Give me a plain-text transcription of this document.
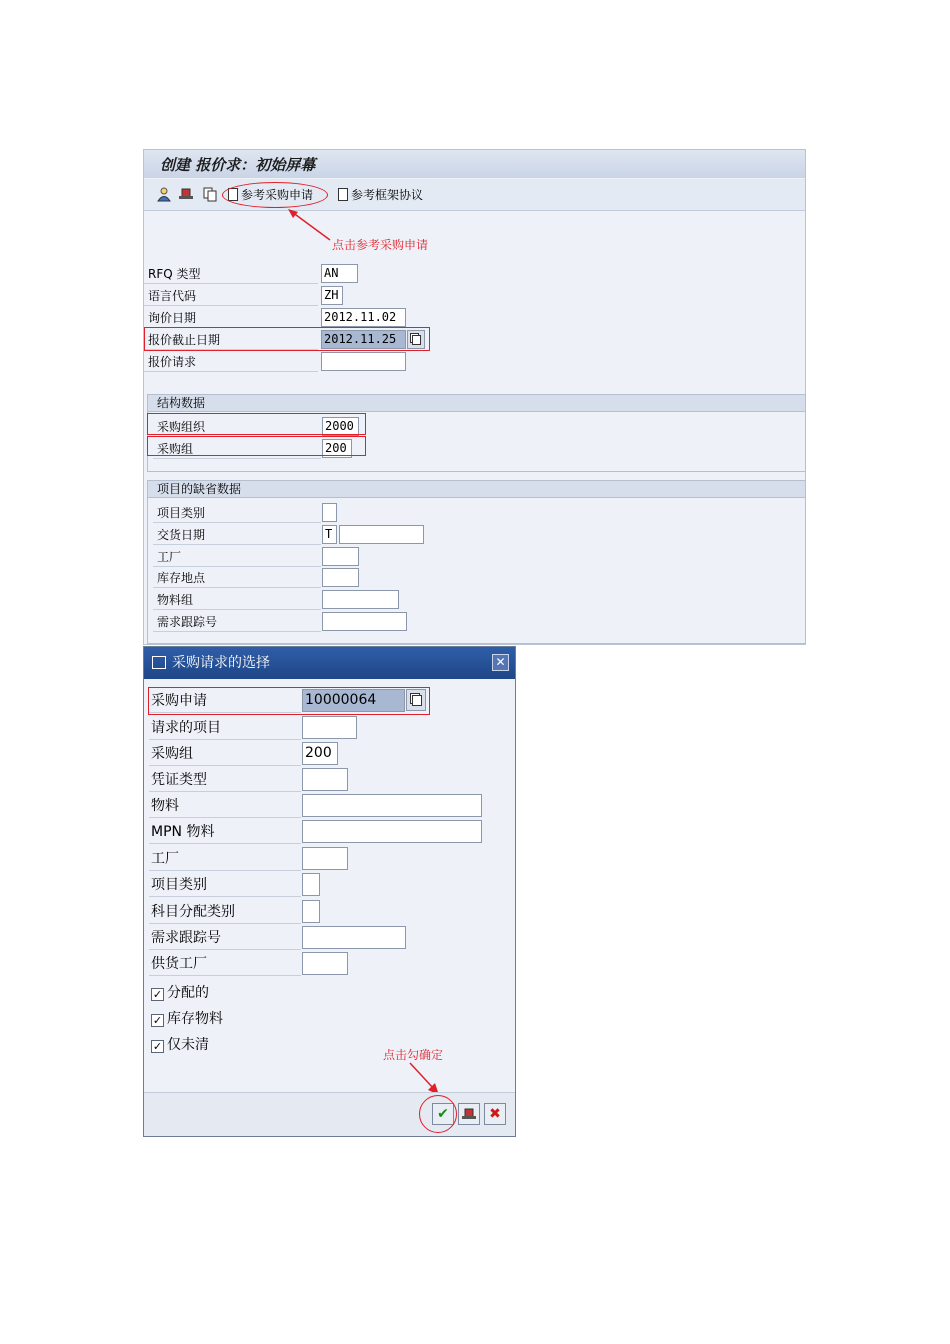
创建 报价求：初始屏幕
参考采购申请	参考框架协议
点击参考采购申请
RFQ 类型	AN
语言代码	ZH
询价日期	2012.11.02
报价截止日期	2012.11.25
报价请求
结构数据
采购组织	2000
采购组	200
项目的缺省数据
项目类别
交货日期	T
工厂
库存地点
物料组
需求跟踪号
采购请求的选择	✕
采购申请	10000064
请求的项目
采购组	200
凭证类型
物料
MPN 物料
工厂
项目类别
科目分配类别
需求跟踪号
供货工厂
✓ 分配的
✓ 库存物料
✓ 仅未清
点击勾确定
✔	✖
